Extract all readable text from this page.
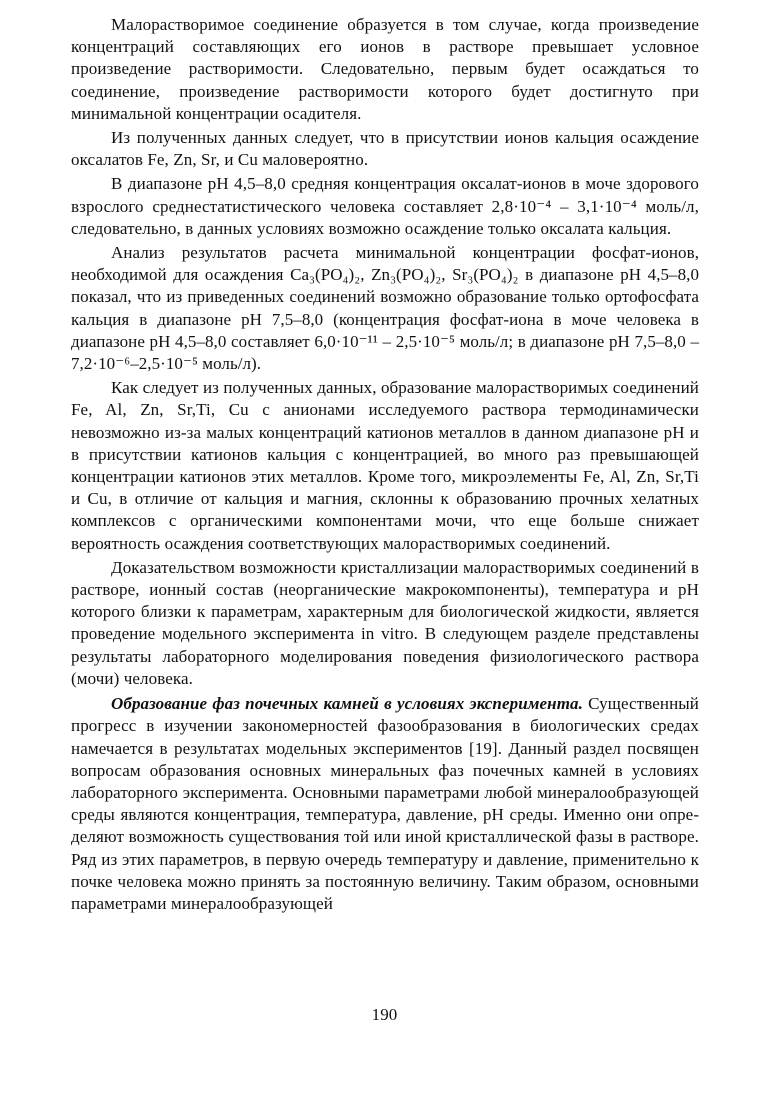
Малорастворимое соединение образуется в том случае, когда произведение концентраций составляющих его ионов в растворе превышает условное произведение растворимости. Следовательно, первым будет осаждаться то соединение, произведение растворимости которого будет достигнуто при минимальной концентрации осадителя.

Из полученных данных следует, что в присутствии ионов кальция осаждение оксалатов Fe, Zn, Sr, и Cu маловероятно.

В диапазоне рН 4,5–8,0 средняя концентрация оксалат-ионов в моче здорового взрослого среднестатистического человека составляет 2,8·10⁻⁴ – 3,1·10⁻⁴ моль/л, следовательно, в данных условиях возможно осаждение только оксалата кальция.

Анализ результатов расчета минимальной концентрации фосфат-ионов, необходимой для осаждения Ca₃(PO₄)₂, Zn₃(PO₄)₂, Sr₃(PO₄)₂ в диапазоне рН 4,5–8,0 показал, что из приведенных соединений возможно образование только ортофосфата кальция в диапазоне рН 7,5–8,0 (концентрация фосфат-иона в моче человека в диапазоне рН 4,5–8,0 составляет 6,0·10⁻¹¹ – 2,5·10⁻⁵ моль/л; в диапазоне рН 7,5–8,0 – 7,2·10⁻⁶–2,5·10⁻⁵ моль/л).

Как следует из полученных данных, образование малорастворимых соединений Fe, Al, Zn, Sr,Ti, Cu с анионами исследуемого раствора термодинамически невозможно из-за малых концентраций катионов металлов в данном диапазоне рН и в присутствии катионов кальция с концентрацией, во много раз превышающей концентрации катионов этих металлов. Кроме того, микроэлементы Fe, Al, Zn, Sr,Ti и Cu, в отличие от кальция и магния, склонны к образованию прочных хелатных комплексов с органическими компонентами мочи, что еще больше снижает вероятность осаждения соответствующих малорастворимых соединений.

Доказательством возможности кристаллизации малорастворимых соединений в растворе, ионный состав (неорганические макрокомпоненты), температура и рН которого близки к параметрам, характерным для биологической жидкости, является проведение модельного эксперимента in vitro. В следующем разделе представлены результаты лабораторного моделирования поведения физиологического раствора (мочи) человека.

Образование фаз почечных камней в условиях эксперимента. Существенный прогресс в изучении закономерностей фазообразования в биологических средах намечается в результатах модельных экспериментов [19]. Данный раздел посвящен вопросам образования основных минеральных фаз почечных камней в условиях лабораторного эксперимента. Основными параметрами любой минералообразующей среды являются концентрация, температура, давление, рН среды. Именно они определяют возможность существования той или иной кристаллической фазы в растворе. Ряд из этих параметров, в первую очередь температуру и давление, применительно к почке человека можно принять за постоянную величину. Таким образом, основными параметрами минералообразующей

190
